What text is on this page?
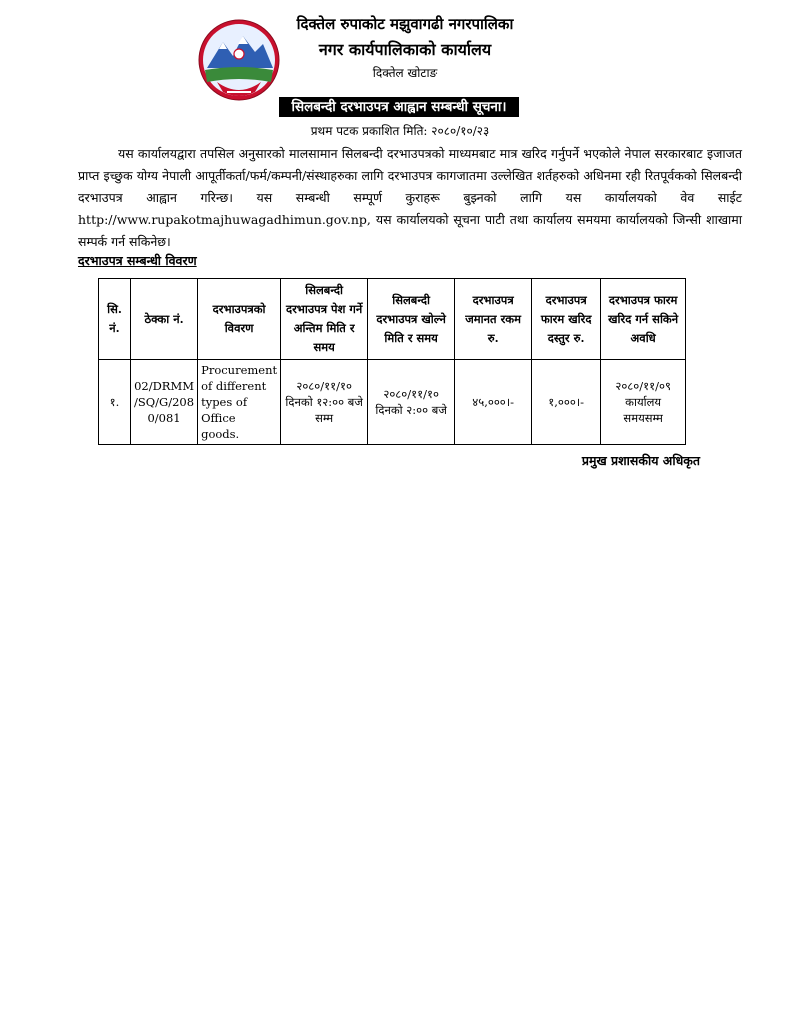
दिक्तेल रुपाकोट मझुवागढी नगरपालिका
नगर कार्यपालिकाको कार्यालय
दिक्तेल खोटाङ
सिलबन्दी दरभाउपत्र आह्वान सम्बन्धी सूचना।
प्रथम पटक प्रकाशित मिति: २०८०/१०/२३

यस कार्यालयद्वारा तपसिल अनुसारको मालसामान सिलबन्दी दरभाउपत्रको माध्यमबाट मात्र खरिद गर्नुपर्ने भएकोले नेपाल सरकारबाट इजाजत प्राप्त इच्छुक योग्य नेपाली आपूर्तीकर्ता/फर्म/कम्पनी/संस्थाहरुका लागि दरभाउपत्र कागजातमा उल्लेखित शर्तहरुको अधिनमा रही रितपूर्वकको सिलबन्दी दरभाउपत्र आह्वान गरिन्छ। यस सम्बन्धी सम्पूर्ण कुराहरू बुझ्नको लागि यस कार्यालयको वेव साईट http://www.rupakotmajhuwagadhimun.gov.np, यस कार्यालयको सूचना पाटी तथा कार्यालय समयमा कार्यालयको जिन्सी शाखामा सम्पर्क गर्न सकिनेछ।

दरभाउपत्र सम्बन्धी विवरण
सि. नं.	ठेक्का नं.	दरभाउपत्रको विवरण	सिलबन्दी दरभाउपत्र पेश गर्ने अन्तिम मिति र समय	सिलबन्दी दरभाउपत्र खोल्ने मिति र समय	दरभाउपत्र जमानत रकम रु.	दरभाउपत्र फारम खरिद दस्तुर रु.	दरभाउपत्र फारम खरिद गर्न सकिने अवधि
१.	02/DRMM /SQ/G/208 0/081	Procurement of different types of Office goods.	२०८०/११/१० दिनको १२:०० बजे सम्म	२०८०/११/१० दिनको २:०० बजे	४५,०००।-	१,०००।-	२०८०/११/०९ कार्यालय समयसम्म
प्रमुख प्रशासकीय अधिकृत
